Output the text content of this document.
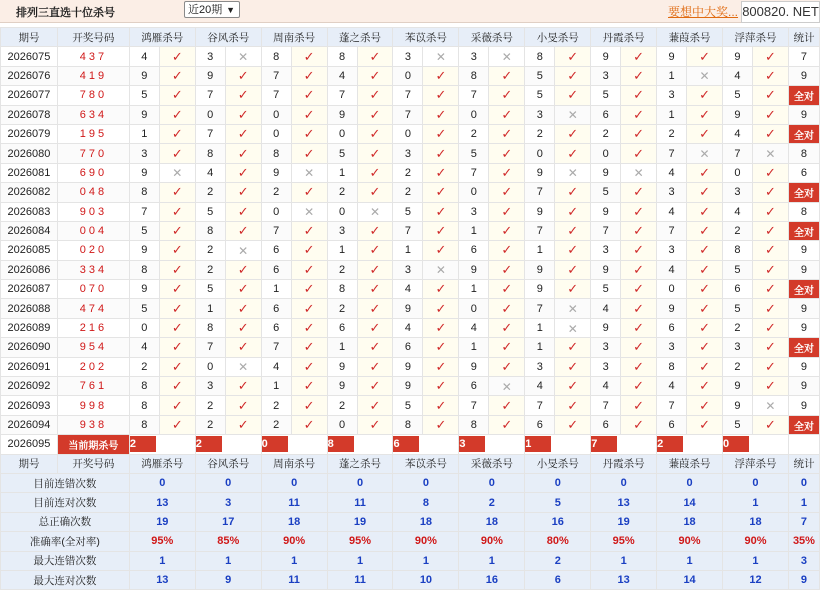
排列三直选十位杀号	近20期 ▼	要想中大奖... 800820. NET
期号	开奖号码	鸿雁杀号		谷风杀号		周南杀号		蓬之杀号		苯苡杀号		采薇杀号		小旻杀号		丹霞杀号		蒹葭杀号		浮萍杀号		统计
2026075	437	4	✓	3	✕	8	✓	8	✓	3	✕	3	✕	8	✓	9	✓	9	✓	9	✓	7
2026076	419	9	✓	9	✓	7	✓	4	✓	0	✓	8	✓	5	✓	3	✓	1	✕	4	✓	9
2026077	780	5	✓	7	✓	7	✓	7	✓	7	✓	7	✓	5	✓	5	✓	3	✓	5	✓	全对
2026078	634	9	✓	0	✓	0	✓	9	✓	7	✓	0	✓	3	✕	6	✓	1	✓	9	✓	9
2026079	195	1	✓	7	✓	0	✓	0	✓	0	✓	2	✓	2	✓	2	✓	2	✓	4	✓	全对
2026080	770	3	✓	8	✓	8	✓	5	✓	3	✓	5	✓	0	✓	0	✓	7	✕	7	✕	8
2026081	690	9	✕	4	✓	9	✕	1	✓	2	✓	7	✓	9	✕	9	✕	4	✓	0	✓	6
2026082	048	8	✓	2	✓	2	✓	2	✓	2	✓	0	✓	7	✓	5	✓	3	✓	3	✓	全对
2026083	903	7	✓	5	✓	0	✕	0	✕	5	✓	3	✓	9	✓	9	✓	4	✓	4	✓	8
2026084	004	5	✓	8	✓	7	✓	3	✓	7	✓	1	✓	7	✓	7	✓	7	✓	2	✓	全对
2026085	020	9	✓	2	✕	6	✓	1	✓	1	✓	6	✓	1	✓	3	✓	3	✓	8	✓	9
2026086	334	8	✓	2	✓	6	✓	2	✓	3	✕	9	✓	9	✓	9	✓	4	✓	5	✓	9
2026087	070	9	✓	5	✓	1	✓	8	✓	4	✓	1	✓	9	✓	5	✓	0	✓	6	✓	全对
2026088	474	5	✓	1	✓	6	✓	2	✓	9	✓	0	✓	7	✕	4	✓	9	✓	5	✓	9
2026089	216	0	✓	8	✓	6	✓	6	✓	4	✓	4	✓	1	✕	9	✓	6	✓	2	✓	9
2026090	954	4	✓	7	✓	7	✓	1	✓	6	✓	1	✓	1	✓	3	✓	3	✓	3	✓	全对
2026091	202	2	✓	0	✕	4	✓	9	✓	9	✓	9	✓	3	✓	3	✓	8	✓	2	✓	9
2026092	761	8	✓	3	✓	1	✓	9	✓	9	✓	6	✕	4	✓	4	✓	4	✓	9	✓	9
2026093	998	8	✓	2	✓	2	✓	2	✓	5	✓	7	✓	7	✓	7	✓	7	✓	9	✕	9
2026094	938	8	✓	2	✓	2	✓	0	✓	8	✓	8	✓	6	✓	6	✓	6	✓	5	✓	全对
2026095	当前期杀号	2		2		0		8		6		3		1		7		2		0		
期号	开奖号码	鸿雁杀号		谷风杀号		周南杀号		蓬之杀号		苯苡杀号		采薇杀号		小旻杀号		丹霞杀号		蒹葭杀号		浮萍杀号		统计
目前连错次数		0		0		0		0		0		0		0		0		0		0		0
目前连对次数		13		3		11		11		8		2		5		13		14		1		1
总正确次数		19		17		18		19		18		18		16		19		18		18		7
准确率(全对率)		95%		85%		90%		95%		90%		90%		80%		95%		90%		90%		35%
最大连错次数		1		1		1		1		1		1		2		1		1		1		3
最大连对次数		13		9		11		11		10		16		6		13		14		12		9
